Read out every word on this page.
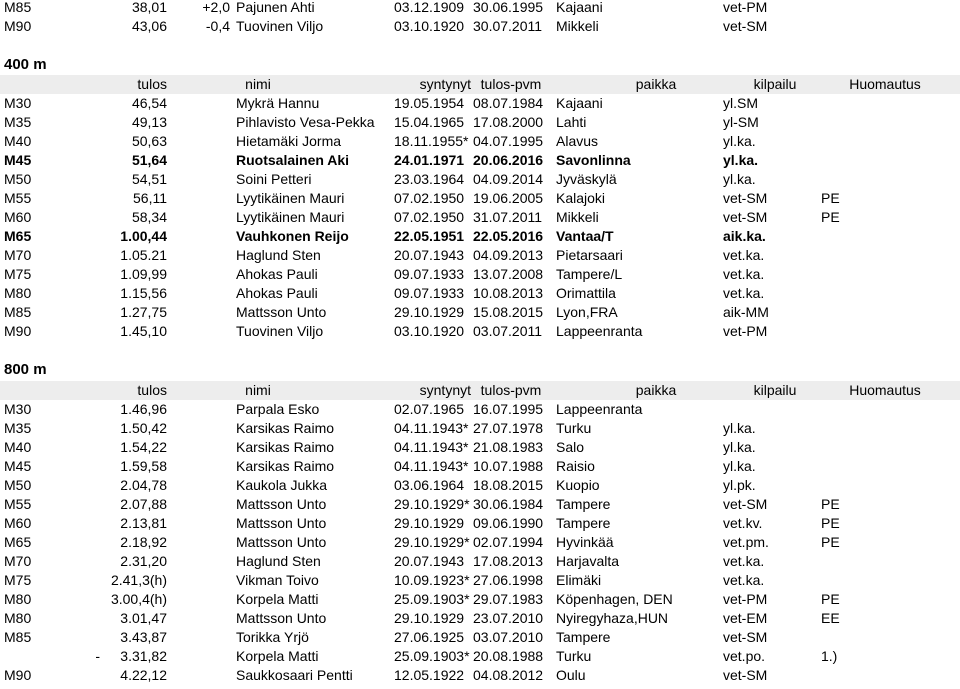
M85	38,01	+2,0 Pajunen Ahti	03.12.1909 30.06.1995 Kajaani	vet-PM
M90	43,06	-0,4 Tuovinen Viljo	03.10.1920 30.07.2011 Mikkeli	vet-SM
400 m
tulos	nimi	syntynyt tulos-pvm	paikka	kilpailu	Huomautus
M30	46,54	Mykrä Hannu	19.05.1954 08.07.1984 Kajaani	yl.SM
M35	49,13	Pihlavisto Vesa-Pekka 15.04.1965 17.08.2000 Lahti	yl-SM
M40	50,63	Hietamäki Jorma	18.11.1955* 04.07.1995 Alavus	yl.ka.
M45	51,64	Ruotsalainen Aki	24.01.1971 20.06.2016 Savonlinna	yl.ka.
M50	54,51	Soini Petteri	23.03.1964 04.09.2014 Jyväskylä	yl.ka.
M55	56,11	Lyytikäinen Mauri	07.02.1950 19.06.2005 Kalajoki	vet-SM	PE
M60	58,34	Lyytikäinen Mauri	07.02.1950 31.07.2011 Mikkeli	vet-SM	PE
M65	1.00,44	Vauhkonen Reijo	22.05.1951 22.05.2016 Vantaa/T	aik.ka.
M70	1.05.21	Haglund Sten	20.07.1943 04.09.2013 Pietarsaari	vet.ka.
M75	1.09,99	Ahokas Pauli	09.07.1933 13.07.2008 Tampere/L	vet.ka.
M80	1.15,56	Ahokas Pauli	09.07.1933 10.08.2013 Orimattila	vet.ka.
M85	1.27,75	Mattsson Unto	29.10.1929 15.08.2015 Lyon,FRA	aik-MM
M90	1.45,10	Tuovinen Viljo	03.10.1920 03.07.2011 Lappeenranta	vet-PM
800 m
tulos	nimi	syntynyt tulos-pvm	paikka	kilpailu	Huomautus
M30	1.46,96	Parpala Esko	02.07.1965 16.07.1995 Lappeenranta
M35	1.50,42	Karsikas Raimo	04.11.1943* 27.07.1978 Turku	yl.ka.
M40	1.54,22	Karsikas Raimo	04.11.1943* 21.08.1983 Salo	yl.ka.
M45	1.59,58	Karsikas Raimo	04.11.1943* 10.07.1988 Raisio	yl.ka.
M50	2.04,78	Kaukola Jukka	03.06.1964 18.08.2015 Kuopio	yl.pk.
M55	2.07,88	Mattsson Unto	29.10.1929* 30.06.1984 Tampere	vet-SM	PE
M60	2.13,81	Mattsson Unto	29.10.1929 09.06.1990 Tampere	vet.kv.	PE
M65	2.18,92	Mattsson Unto	29.10.1929* 02.07.1994 Hyvinkää	vet.pm.	PE
M70	2.31,20	Haglund Sten	20.07.1943 17.08.2013 Harjavalta	vet.ka.
M75	2.41,3(h)	Vikman Toivo	10.09.1923* 27.06.1998 Elimäki	vet.ka.
M80	3.00,4(h)	Korpela Matti	25.09.1903* 29.07.1983 Köpenhagen, DEN	vet-PM	PE
M80	3.01,47	Mattsson Unto	29.10.1929 23.07.2010 Nyiregyhaza,HUN	vet-EM	EE
M85	3.43,87	Torikka Yrjö	27.06.1925 03.07.2010 Tampere	vet-SM
-	3.31,82	Korpela Matti	25.09.1903* 20.08.1988 Turku	vet.po.	1.)
M90	4.22,12	Saukkosaari Pentti	12.05.1922 04.08.2012 Oulu	vet-SM
